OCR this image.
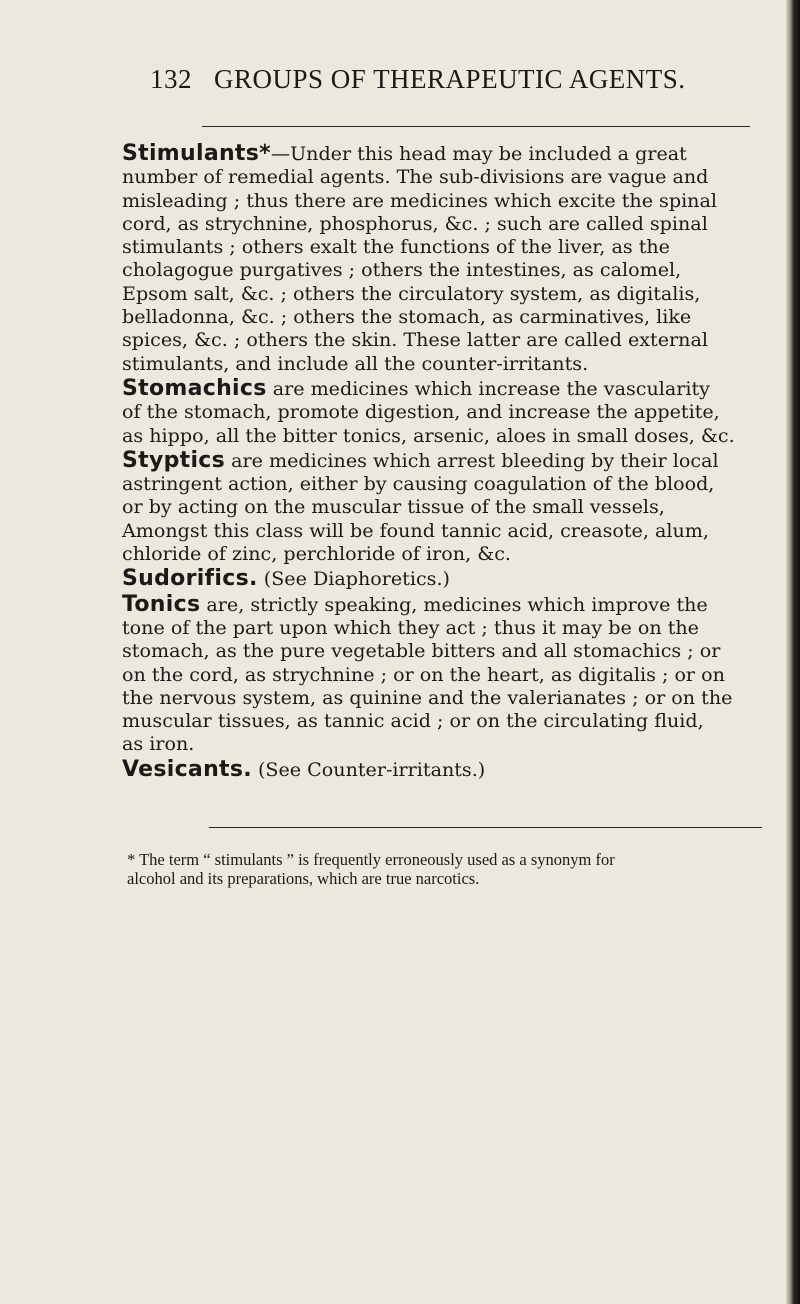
132 GROUPS OF THERAPEUTIC AGENTS.

Stimulants*—Under this head may be included a great
number of remedial agents. The sub-divisions are vague and
misleading ; thus there are medicines which excite the spinal
cord, as strychnine, phosphorus, &c. ; such are called spinal
stimulants ; others exalt the functions of the liver, as the
cholagogue purgatives ; others the intestines, as calomel,
Epsom salt, &c. ; others the circulatory system, as digitalis,
belladonna, &c. ; others the stomach, as carminatives, like
spices, &c. ; others the skin. These latter are called external
stimulants, and include all the counter-irritants.

Stomachics are medicines which increase the vascularity
of the stomach, promote digestion, and increase the appetite,
as hippo, all the bitter tonics, arsenic, aloes in small doses, &c.

Styptics are medicines which arrest bleeding by their local
astringent action, either by causing coagulation of the blood,
or by acting on the muscular tissue of the small vessels,
Amongst this class will be found tannic acid, creasote, alum,
chloride of zinc, perchloride of iron, &c.

Sudorifics. (See Diaphoretics.)

Tonics are, strictly speaking, medicines which improve the
tone of the part upon which they act ; thus it may be on the
stomach, as the pure vegetable bitters and all stomachics ; or
on the cord, as strychnine ; or on the heart, as digitalis ; or on
the nervous system, as quinine and the valerianates ; or on the
muscular tissues, as tannic acid ; or on the circulating fluid,
as iron.

Vesicants. (See Counter-irritants.)

* The term “ stimulants ” is frequently erroneously used as a synonym for
alcohol and its preparations, which are true narcotics.
